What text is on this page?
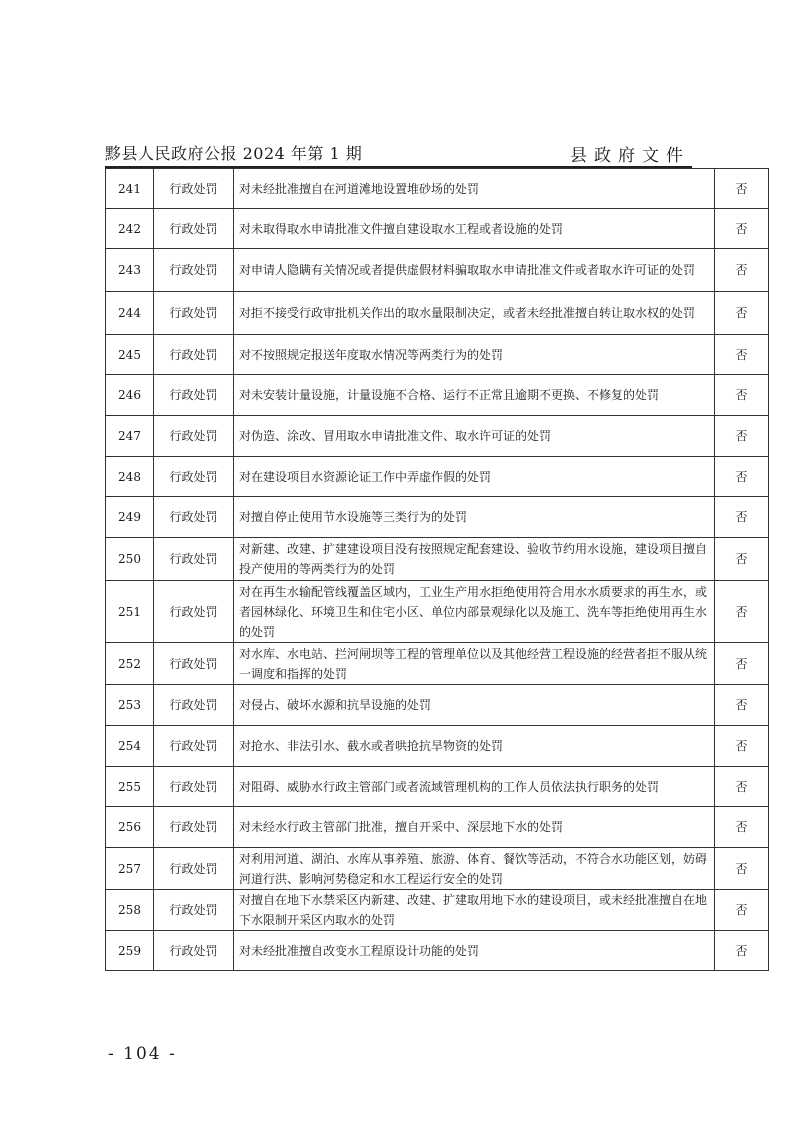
黟县人民政府公报 2024 年第 1 期	县政府文件
241	行政处罚	对未经批准擅自在河道滩地设置堆砂场的处罚	否
242	行政处罚	对未取得取水申请批准文件擅自建设取水工程或者设施的处罚	否
243	行政处罚	对申请人隐瞒有关情况或者提供虚假材料骗取取水申请批准文件或者取水许可证的处罚	否
244	行政处罚	对拒不接受行政审批机关作出的取水量限制决定，或者未经批准擅自转让取水权的处罚	否
245	行政处罚	对不按照规定报送年度取水情况等两类行为的处罚	否
246	行政处罚	对未安装计量设施，计量设施不合格、运行不正常且逾期不更换、不修复的处罚	否
247	行政处罚	对伪造、涂改、冒用取水申请批准文件、取水许可证的处罚	否
248	行政处罚	对在建设项目水资源论证工作中弄虚作假的处罚	否
249	行政处罚	对擅自停止使用节水设施等三类行为的处罚	否
250	行政处罚	对新建、改建、扩建建设项目没有按照规定配套建设、验收节约用水设施，建设项目擅自投产使用的等两类行为的处罚	否
251	行政处罚	对在再生水输配管线覆盖区域内，工业生产用水拒绝使用符合用水水质要求的再生水，或者园林绿化、环境卫生和住宅小区、单位内部景观绿化以及施工、洗车等拒绝使用再生水的处罚	否
252	行政处罚	对水库、水电站、拦河闸坝等工程的管理单位以及其他经营工程设施的经营者拒不服从统一调度和指挥的处罚	否
253	行政处罚	对侵占、破坏水源和抗旱设施的处罚	否
254	行政处罚	对抢水、非法引水、截水或者哄抢抗旱物资的处罚	否
255	行政处罚	对阻碍、威胁水行政主管部门或者流域管理机构的工作人员依法执行职务的处罚	否
256	行政处罚	对未经水行政主管部门批准，擅自开采中、深层地下水的处罚	否
257	行政处罚	对利用河道、湖泊、水库从事养殖、旅游、体育、餐饮等活动，不符合水功能区划，妨碍河道行洪、影响河势稳定和水工程运行安全的处罚	否
258	行政处罚	对擅自在地下水禁采区内新建、改建、扩建取用地下水的建设项目，或未经批准擅自在地下水限制开采区内取水的处罚	否
259	行政处罚	对未经批准擅自改变水工程原设计功能的处罚	否
- 104 -
